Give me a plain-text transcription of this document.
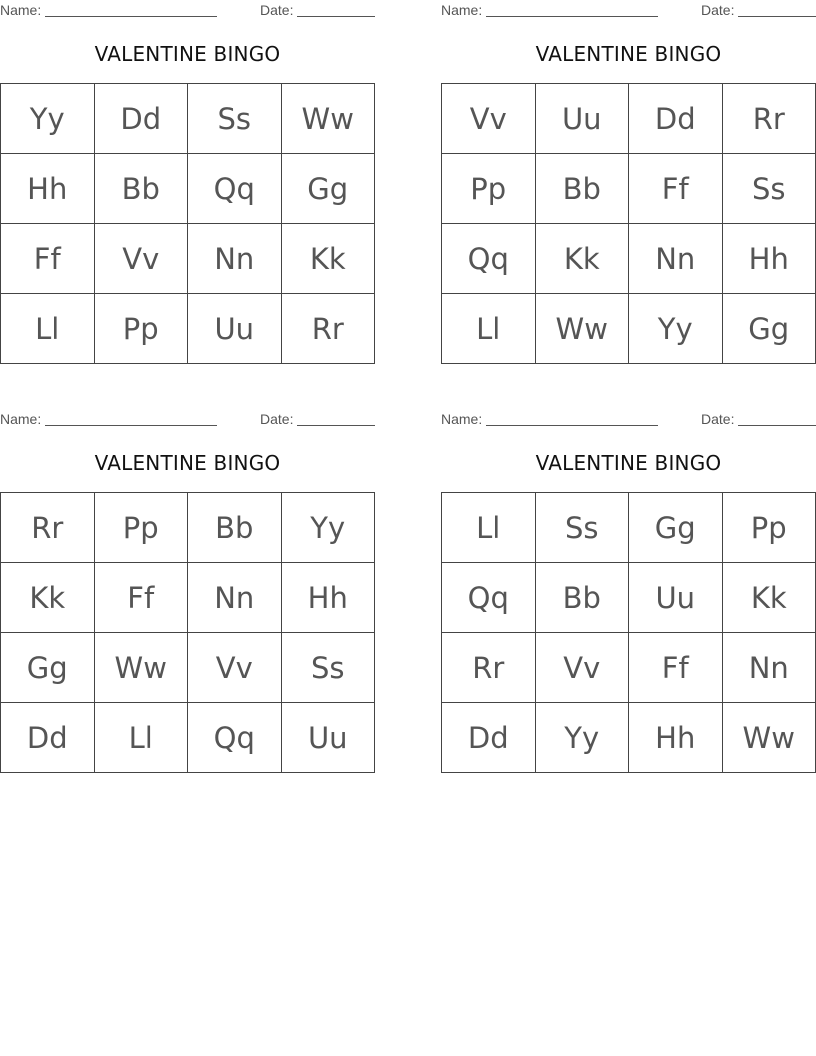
Name:	Date:
VALENTINE BINGO
Yy	Dd	Ss	Ww
Hh	Bb	Qq	Gg
Ff	Vv	Nn	Kk
Ll	Pp	Uu	Rr
Name:	Date:
VALENTINE BINGO
Vv	Uu	Dd	Rr
Pp	Bb	Ff	Ss
Qq	Kk	Nn	Hh
Ll	Ww	Yy	Gg
Name:	Date:
VALENTINE BINGO
Rr	Pp	Bb	Yy
Kk	Ff	Nn	Hh
Gg	Ww	Vv	Ss
Dd	Ll	Qq	Uu
Name:	Date:
VALENTINE BINGO
Ll	Ss	Gg	Pp
Qq	Bb	Uu	Kk
Rr	Vv	Ff	Nn
Dd	Yy	Hh	Ww
